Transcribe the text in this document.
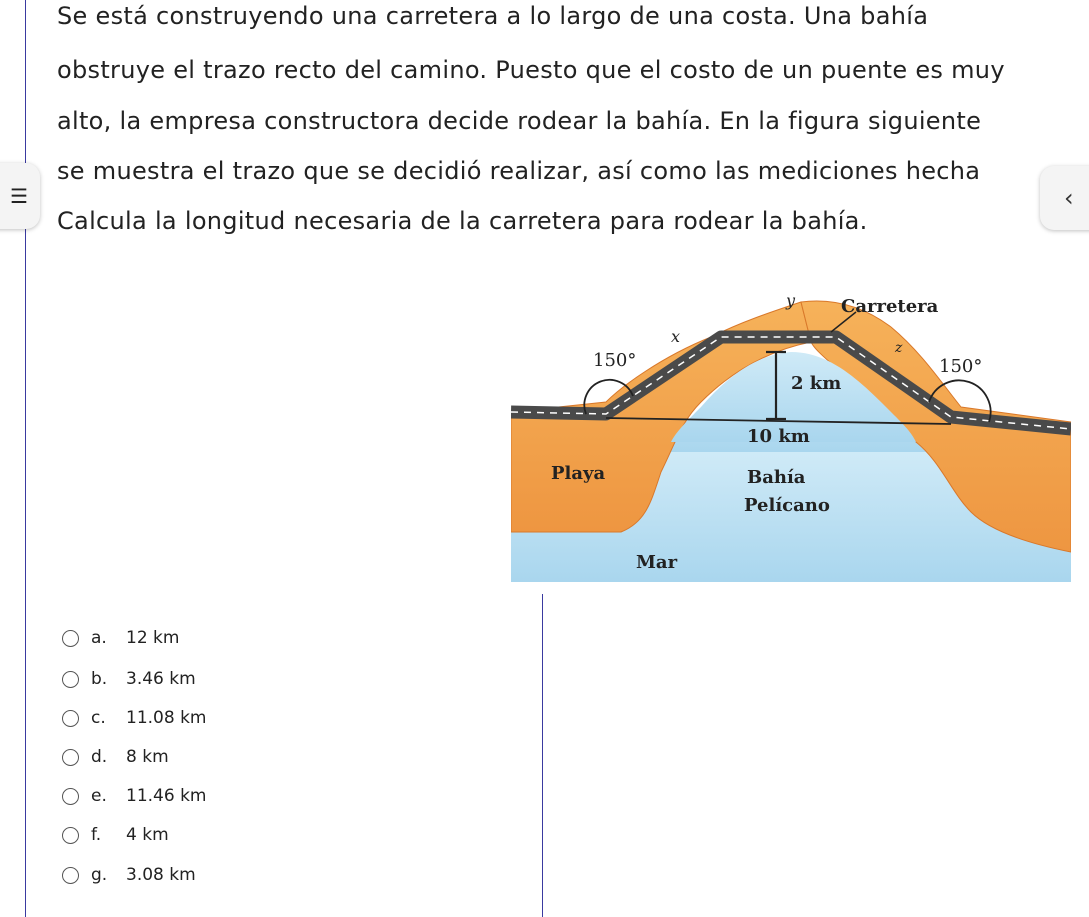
Se está construyendo una carretera a lo largo de una costa. Una bahía
obstruye el trazo recto del camino. Puesto que el costo de un puente es muy
alto, la empresa constructora decide rodear la bahía. En la figura siguiente
se muestra el trazo que se decidió realizar, así como las mediciones hecha
Calcula la longitud necesaria de la carretera para rodear la bahía.
☰	‹
y	Carretera
x
z
150°	150°
2 km
10 km
Playa	Bahía
Pelícano
Mar
a.	12 km
b.	3.46 km
c.	11.08 km
d.	8 km
e.	11.46 km
f.	4 km
g.	3.08 km
